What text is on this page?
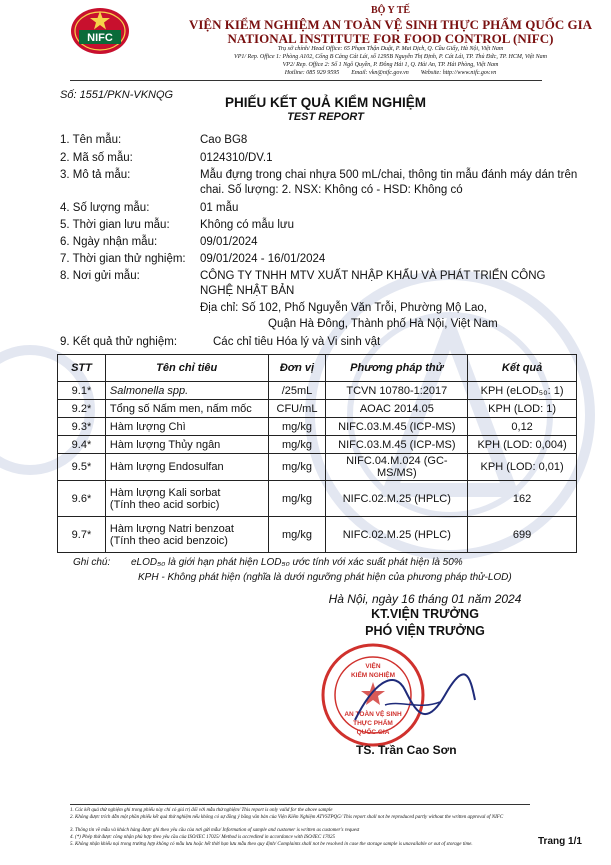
NIFC
BỘ Y TẾ
VIỆN KIỂM NGHIỆM AN TOÀN VỆ SINH THỰC PHẨM QUỐC GIA
NATIONAL INSTITUTE FOR FOOD CONTROL (NIFC)
Trụ sở chính/ Head Office: 65 Phạm Thận Duật, P. Mai Dịch, Q. Cầu Giấy, Hà Nội, Việt Nam
VP1/ Rep. Office 1: Phòng A102, Cổng B Cảng Cát Lái, số 1295B Nguyễn Thị Định, P. Cát Lái, TP. Thủ Đức, TP. HCM, Việt Nam
VP2/ Rep. Office 2: Số 1 Ngô Quyền, P. Đông Hải 1, Q. Hải An, TP. Hải Phòng, Việt Nam
Hotline: 085 929 9595        Email: vkn@nifc.gov.vn        Website: http://www.nifc.gov.vn
Số: 1551/PKN-VKNQG	PHIẾU KẾT QUẢ KIỂM NGHIỆM
TEST REPORT
1. Tên mẫu:	Cao BG8
2. Mã số mẫu:	0124310/DV.1
3. Mô tả mẫu:	Mẫu đựng trong chai nhựa 500 mL/chai, thông tin mẫu đánh máy dán trên chai. Số lượng: 2. NSX: Không có - HSD: Không có
4. Số lượng mẫu:	01 mẫu
5. Thời gian lưu mẫu:	Không có mẫu lưu
6. Ngày nhận mẫu:	09/01/2024
7. Thời gian thử nghiệm: 09/01/2024 - 16/01/2024
8. Nơi gửi mẫu:	CÔNG TY TNHH MTV XUẤT NHẬP KHẨU VÀ PHÁT TRIỂN CÔNG NGHỆ NHẬT BẢN
Địa chỉ: Số 102, Phố Nguyễn Văn Trỗi, Phường Mộ Lao,
Quận Hà Đông, Thành phố Hà Nội, Việt Nam
9. Kết quả thử nghiệm:	Các chỉ tiêu Hóa lý và Vi sinh vật
STT	Tên chỉ tiêu	Đơn vị	Phương pháp thử	Kết quả
9.1*	Salmonella spp.	/25mL	TCVN 10780-1:2017	KPH (eLOD₅₀: 1)
9.2*	Tổng số Nấm men, nấm mốc	CFU/mL	AOAC 2014.05	KPH (LOD: 1)
9.3*	Hàm lượng Chì	mg/kg	NIFC.03.M.45 (ICP-MS)	0,12
9.4*	Hàm lượng Thủy ngân	mg/kg	NIFC.03.M.45 (ICP-MS)	KPH (LOD: 0,004)
9.5*	Hàm lượng Endosulfan	mg/kg	NIFC.04.M.024 (GC-MS/MS)	KPH (LOD: 0,01)
9.6*	Hàm lượng Kali sorbat
(Tính theo acid sorbic)	mg/kg	NIFC.02.M.25 (HPLC)	162
9.7*	Hàm lượng Natri benzoat
(Tính theo acid benzoic)	mg/kg	NIFC.02.M.25 (HPLC)	699
Ghi chú: eLOD₅₀ là giới hạn phát hiện LOD₅₀ ước tính với xác suất phát hiện là 50%
KPH - Không phát hiện (nghĩa là dưới ngưỡng phát hiện của phương pháp thử-LOD)
Hà Nội, ngày 16 tháng 01 năm 2024
KT.VIỆN TRƯỞNG
PHÓ VIỆN TRƯỞNG
VIỆN
KIỂM NGHIỆM
AN TOÀN VỆ SINH
THỰC PHẨM
QUỐC GIA
TS. Trần Cao Sơn
1. Các kết quả thử nghiệm ghi trong phiếu này chỉ có giá trị đối với mẫu thử nghiệm/ This report is only valid for the above sample
2. Không được trích dẫn một phần phiếu kết quả thử nghiệm nếu không có sự đồng ý bằng văn bản của Viện Kiểm Nghiệm ATVSTPQG/ This report shall not be reproduced partly without the written approval of NIFC
3. Thông tin về mẫu và khách hàng được ghi theo yêu cầu của nơi gửi mẫu/ Information of sample and customer is written as customer's request
4. (*) Phép thử được công nhận phù hợp theo yêu cầu của ISO/IEC 17025/ Method is accredited in accordance with ISO/IEC 17025
5. Không nhận khiếu nại trong trường hợp không có mẫu lưu hoặc hết thời hạn lưu mẫu theo quy định/ Complaints shall not be resolved in case the storage sample is unavailable or out of storage time.	Trang 1/1
